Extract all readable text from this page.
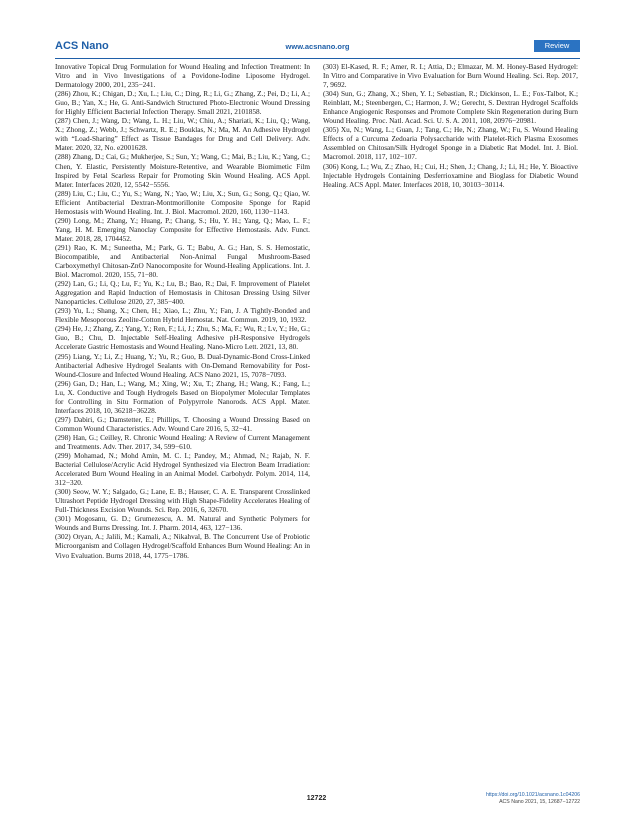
ACS Nano	www.acsnano.org	Review

Innovative Topical Drug Formulation for Wound Healing and Infection Treatment: In Vitro and in Vivo Investigations of a Povidone-Iodine Liposome Hydrogel. Dermatology 2000, 201, 235−241.

(286) Zhou, K.; Chigan, D.; Xu, L.; Liu, C.; Ding, R.; Li, G.; Zhang, Z.; Pei, D.; Li, A.; Guo, B.; Yan, X.; He, G. Anti-Sandwich Structured Photo-Electronic Wound Dressing for Highly Efficient Bacterial Infection Therapy. Small 2021, 2101858.

(287) Chen, J.; Wang, D.; Wang, L. H.; Liu, W.; Chiu, A.; Shariati, K.; Liu, Q.; Wang, X.; Zhong, Z.; Webb, J.; Schwartz, R. E.; Bouklas, N.; Ma, M. An Adhesive Hydrogel with “Load-Sharing” Effect as Tissue Bandages for Drug and Cell Delivery. Adv. Mater. 2020, 32, No. e2001628.

(288) Zhang, D.; Cai, G.; Mukherjee, S.; Sun, Y.; Wang, C.; Mai, B.; Liu, K.; Yang, C.; Chen, Y. Elastic, Persistently Moisture-Retentive, and Wearable Biomimetic Film Inspired by Fetal Scarless Repair for Promoting Skin Wound Healing. ACS Appl. Mater. Interfaces 2020, 12, 5542−5556.

(289) Liu, C.; Liu, C.; Yu, S.; Wang, N.; Yao, W.; Liu, X.; Sun, G.; Song, Q.; Qiao, W. Efficient Antibacterial Dextran-Montmorillonite Composite Sponge for Rapid Hemostasis with Wound Healing. Int. J. Biol. Macromol. 2020, 160, 1130−1143.

(290) Long, M.; Zhang, Y.; Huang, P.; Chang, S.; Hu, Y. H.; Yang, Q.; Mao, L. F.; Yang, H. M. Emerging Nanoclay Composite for Effective Hemostasis. Adv. Funct. Mater. 2018, 28, 1704452.

(291) Rao, K. M.; Suneetha, M.; Park, G. T.; Babu, A. G.; Han, S. S. Hemostatic, Biocompatible, and Antibacterial Non-Animal Fungal Mushroom-Based Carboxymethyl Chitosan-ZnO Nanocomposite for Wound-Healing Applications. Int. J. Biol. Macromol. 2020, 155, 71−80.

(292) Lan, G.; Li, Q.; Lu, F.; Yu, K.; Lu, B.; Bao, R.; Dai, F. Improvement of Platelet Aggregation and Rapid Induction of Hemostasis in Chitosan Dressing Using Silver Nanoparticles. Cellulose 2020, 27, 385−400.

(293) Yu, L.; Shang, X.; Chen, H.; Xiao, L.; Zhu, Y.; Fan, J. A Tightly-Bonded and Flexible Mesoporous Zeolite-Cotton Hybrid Hemostat. Nat. Commun. 2019, 10, 1932.

(294) He, J.; Zhang, Z.; Yang, Y.; Ren, F.; Li, J.; Zhu, S.; Ma, F.; Wu, R.; Lv, Y.; He, G.; Guo, B.; Chu, D. Injectable Self-Healing Adhesive pH-Responsive Hydrogels Accelerate Gastric Hemostasis and Wound Healing. Nano-Micro Lett. 2021, 13, 80.

(295) Liang, Y.; Li, Z.; Huang, Y.; Yu, R.; Guo, B. Dual-Dynamic-Bond Cross-Linked Antibacterial Adhesive Hydrogel Sealants with On-Demand Removability for Post-Wound-Closure and Infected Wound Healing. ACS Nano 2021, 15, 7078−7093.

(296) Gan, D.; Han, L.; Wang, M.; Xing, W.; Xu, T.; Zhang, H.; Wang, K.; Fang, L.; Lu, X. Conductive and Tough Hydrogels Based on Biopolymer Molecular Templates for Controlling in Situ Formation of Polypyrrole Nanorods. ACS Appl. Mater. Interfaces 2018, 10, 36218−36228.

(297) Dabiri, G.; Damstetter, E.; Phillips, T. Choosing a Wound Dressing Based on Common Wound Characteristics. Adv. Wound Care 2016, 5, 32−41.

(298) Han, G.; Ceilley, R. Chronic Wound Healing: A Review of Current Management and Treatments. Adv. Ther. 2017, 34, 599−610.

(299) Mohamad, N.; Mohd Amin, M. C. I.; Pandey, M.; Ahmad, N.; Rajab, N. F. Bacterial Cellulose/Acrylic Acid Hydrogel Synthesized via Electron Beam Irradiation: Accelerated Burn Wound Healing in an Animal Model. Carbohydr. Polym. 2014, 114, 312−320.

(300) Seow, W. Y.; Salgado, G.; Lane, E. B.; Hauser, C. A. E. Transparent Crosslinked Ultrashort Peptide Hydrogel Dressing with High Shape-Fidelity Accelerates Healing of Full-Thickness Excision Wounds. Sci. Rep. 2016, 6, 32670.

(301) Mogosanu, G. D.; Grumezescu, A. M. Natural and Synthetic Polymers for Wounds and Burns Dressing. Int. J. Pharm. 2014, 463, 127−136.

(302) Oryan, A.; Jalili, M.; Kamali, A.; Nikahval, B. The Concurrent Use of Probiotic Microorganism and Collagen Hydrogel/Scaffold Enhances Burn Wound Healing: An in Vivo Evaluation. Burns 2018, 44, 1775−1786.

(303) El-Kased, R. F.; Amer, R. I.; Attia, D.; Elmazar, M. M. Honey-Based Hydrogel: In Vitro and Comparative in Vivo Evaluation for Burn Wound Healing. Sci. Rep. 2017, 7, 9692.

(304) Sun, G.; Zhang, X.; Shen, Y. I.; Sebastian, R.; Dickinson, L. E.; Fox-Talbot, K.; Reinblatt, M.; Steenbergen, C.; Harmon, J. W.; Gerecht, S. Dextran Hydrogel Scaffolds Enhance Angiogenic Responses and Promote Complete Skin Regeneration during Burn Wound Healing. Proc. Natl. Acad. Sci. U. S. A. 2011, 108, 20976−20981.

(305) Xu, N.; Wang, L.; Guan, J.; Tang, C.; He, N.; Zhang, W.; Fu, S. Wound Healing Effects of a Curcuma Zedoaria Polysaccharide with Platelet-Rich Plasma Exosomes Assembled on Chitosan/Silk Hydrogel Sponge in a Diabetic Rat Model. Int. J. Biol. Macromol. 2018, 117, 102−107.

(306) Kong, L.; Wu, Z.; Zhao, H.; Cui, H.; Shen, J.; Chang, J.; Li, H.; He, Y. Bioactive Injectable Hydrogels Containing Desferrioxamine and Bioglass for Diabetic Wound Healing. ACS Appl. Mater. Interfaces 2018, 10, 30103−30114.

12722	https://doi.org/10.1021/acsnano.1c04206
ACS Nano 2021, 15, 12687−12722
